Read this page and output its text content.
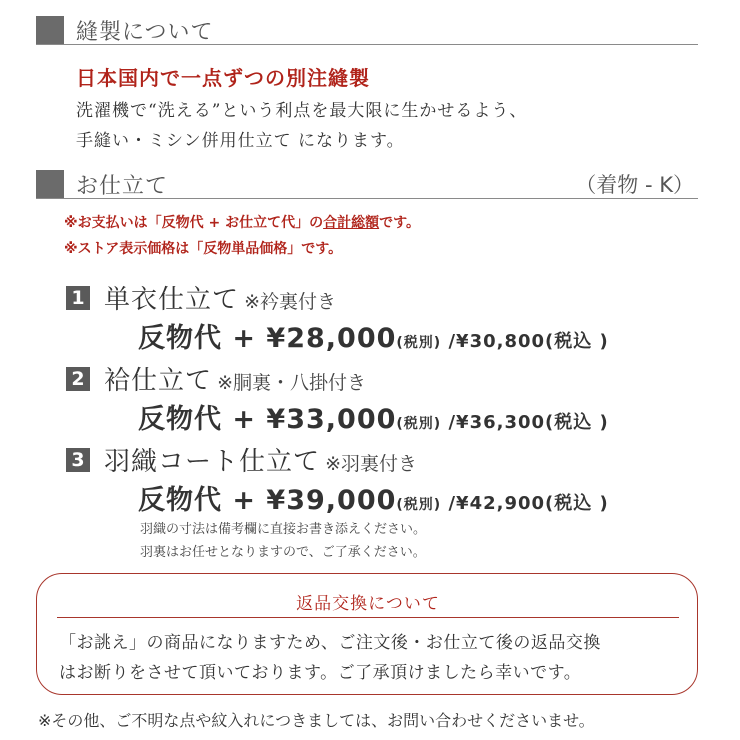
縫製について
日本国内で一点ずつの別注縫製
洗濯機で“洗える”という利点を最大限に生かせるよう、
手縫い・ミシン併用仕立て になります。
お仕立て	（着物 - K）
※お支払いは「反物代 + お仕立て代」の合計総額です。
※ストア表示価格は「反物単品価格」です。
1 単衣仕立て ※衿裏付き
反物代 + ¥28,000(税別) /¥30,800(税込 )
2 袷仕立て ※胴裏・八掛付き
反物代 + ¥33,000(税別) /¥36,300(税込 )
3 羽織コート仕立て ※羽裏付き
反物代 + ¥39,000(税別) /¥42,900(税込 )
羽織の寸法は備考欄に直接お書き添えください。
羽裏はお任せとなりますので、ご了承ください。
返品交換について
「お誂え」の商品になりますため、ご注文後・お仕立て後の返品交換
はお断りをさせて頂いております。ご了承頂けましたら幸いです。
※その他、ご不明な点や紋入れにつきましては、お問い合わせくださいませ。
